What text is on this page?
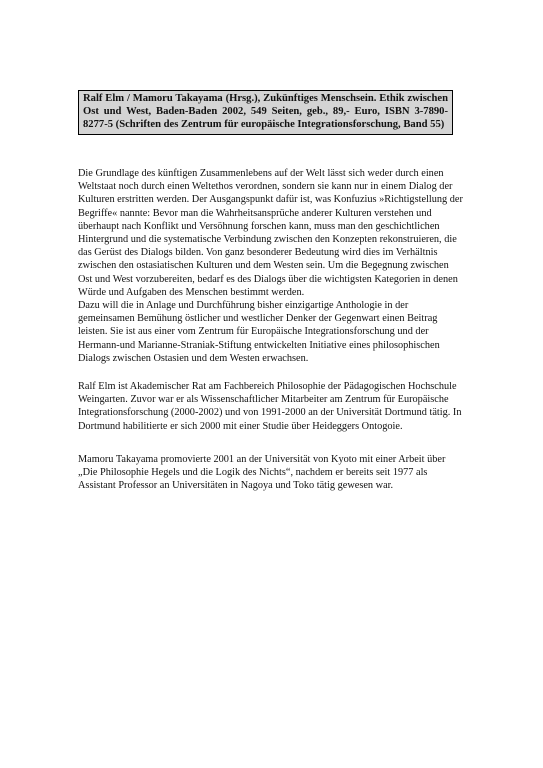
Ralf Elm / Mamoru Takayama (Hrsg.), Zukünftiges Menschsein. Ethik zwischen Ost und West, Baden-Baden 2002, 549 Seiten, geb., 89,- Euro, ISBN 3-7890-8277-5 (Schriften des Zentrum für europäische Integrationsforschung, Band 55)

Die Grundlage des künftigen Zusammenlebens auf der Welt lässt sich weder durch einen Weltstaat noch durch einen Weltethos verordnen, sondern sie kann nur in einem Dialog der Kulturen erstritten werden. Der Ausgangspunkt dafür ist, was Konfuzius »Richtigstellung der Begriffe« nannte: Bevor man die Wahrheitsansprüche anderer Kulturen verstehen und überhaupt nach Konflikt und Versöhnung forschen kann, muss man den geschichtlichen Hintergrund und die systematische Verbindung zwischen den Konzepten rekonstruieren, die das Gerüst des Dialogs bilden. Von ganz besonderer Bedeutung wird dies im Verhältnis zwischen den ostasiatischen Kulturen und dem Westen sein. Um die Begegnung zwischen Ost und West vorzubereiten, bedarf es des Dialogs über die wichtigsten Kategorien in denen Würde und Aufgaben des Menschen bestimmt werden.
Dazu will die in Anlage und Durchführung bisher einzigartige Anthologie in der gemeinsamen Bemühung östlicher und westlicher Denker der Gegenwart einen Beitrag leisten. Sie ist aus einer vom Zentrum für Europäische Integrationsforschung und der Hermann-und Marianne-Straniak-Stiftung entwickelten Initiative eines philosophischen Dialogs zwischen Ostasien und dem Westen erwachsen.

Ralf Elm ist Akademischer Rat am Fachbereich Philosophie der Pädagogischen Hochschule Weingarten. Zuvor war er als Wissenschaftlicher Mitarbeiter am Zentrum für Europäische Integrationsforschung (2000-2002) und von 1991-2000 an der Universität Dortmund tätig. In Dortmund habilitierte er sich 2000 mit einer Studie über Heideggers Ontogoie.

Mamoru Takayama promovierte 2001 an der Universität von Kyoto mit einer Arbeit über „Die Philosophie Hegels und die Logik des Nichts“, nachdem er bereits seit 1977 als Assistant Professor an Universitäten in Nagoya und Toko tätig gewesen war.
